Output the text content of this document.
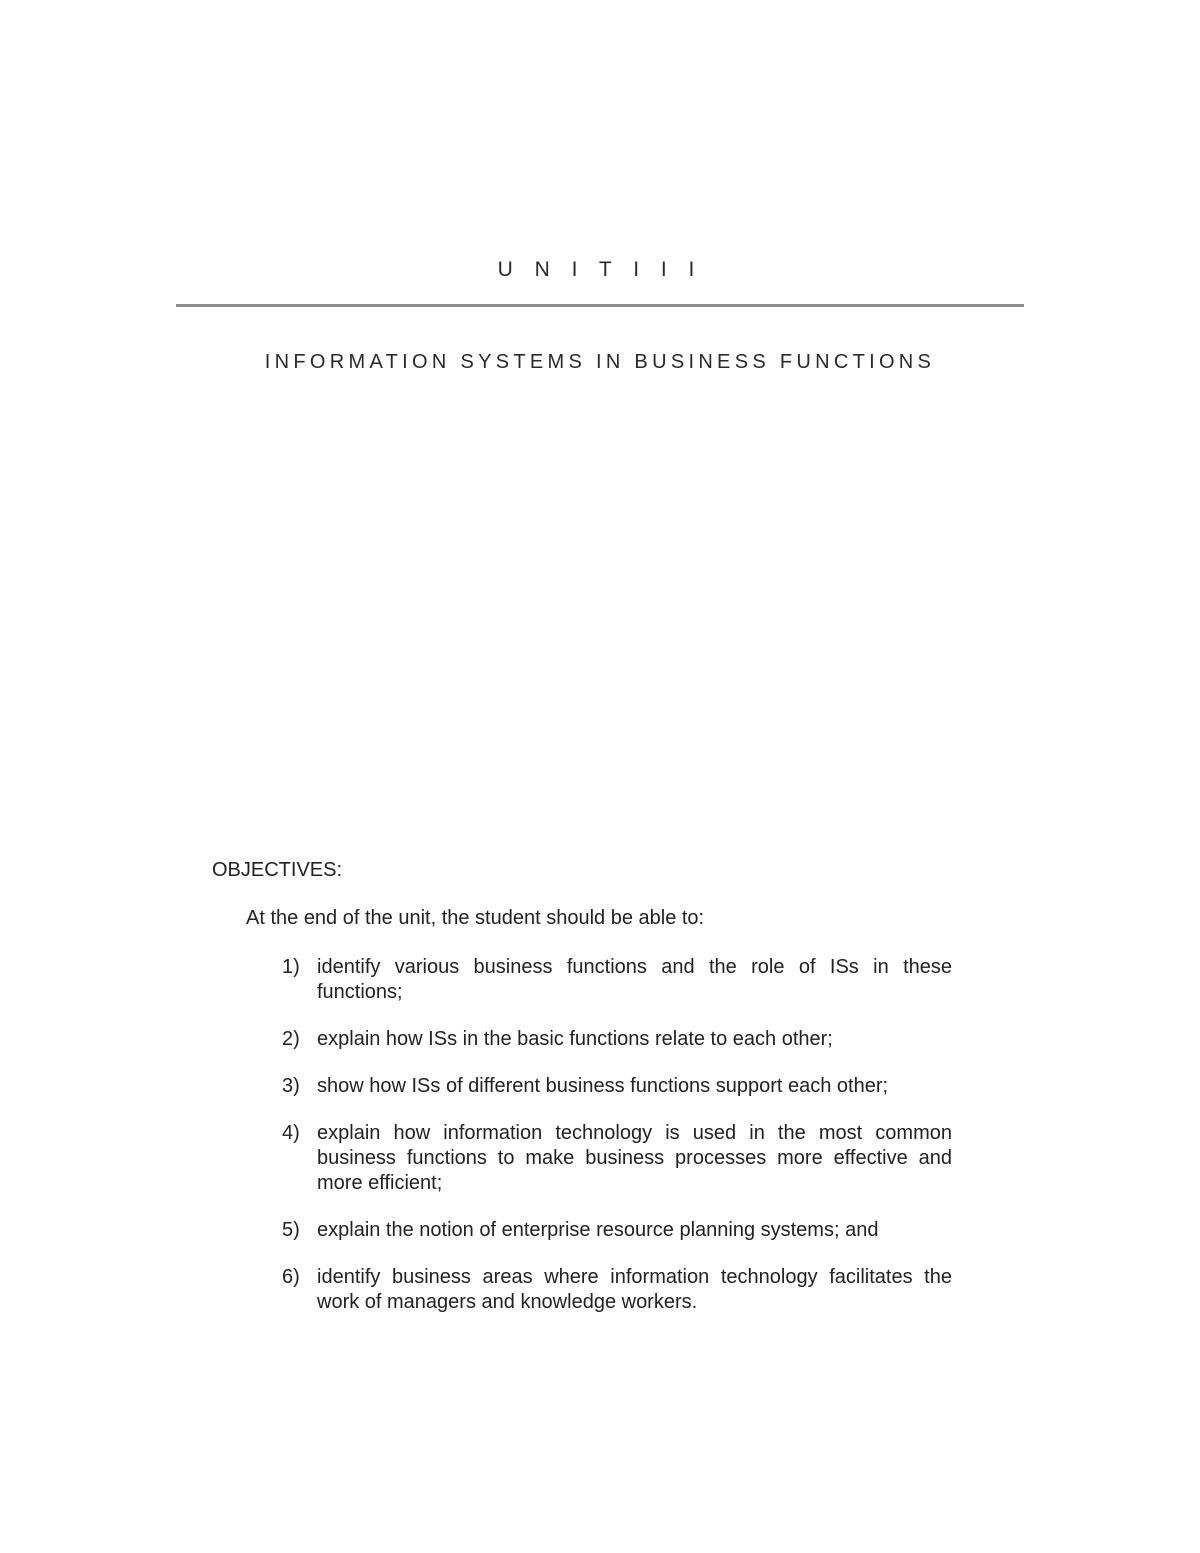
U N I T I I I
INFORMATION SYSTEMS IN BUSINESS FUNCTIONS
OBJECTIVES:
At the end of the unit, the student should be able to:
1) identify various business functions and the role of ISs in these functions;
2) explain how ISs in the basic functions relate to each other;
3) show how ISs of different business functions support each other;
4) explain how information technology is used in the most common business functions to make business processes more effective and more efficient;
5) explain the notion of enterprise resource planning systems; and
6) identify business areas where information technology facilitates the work of managers and knowledge workers.
